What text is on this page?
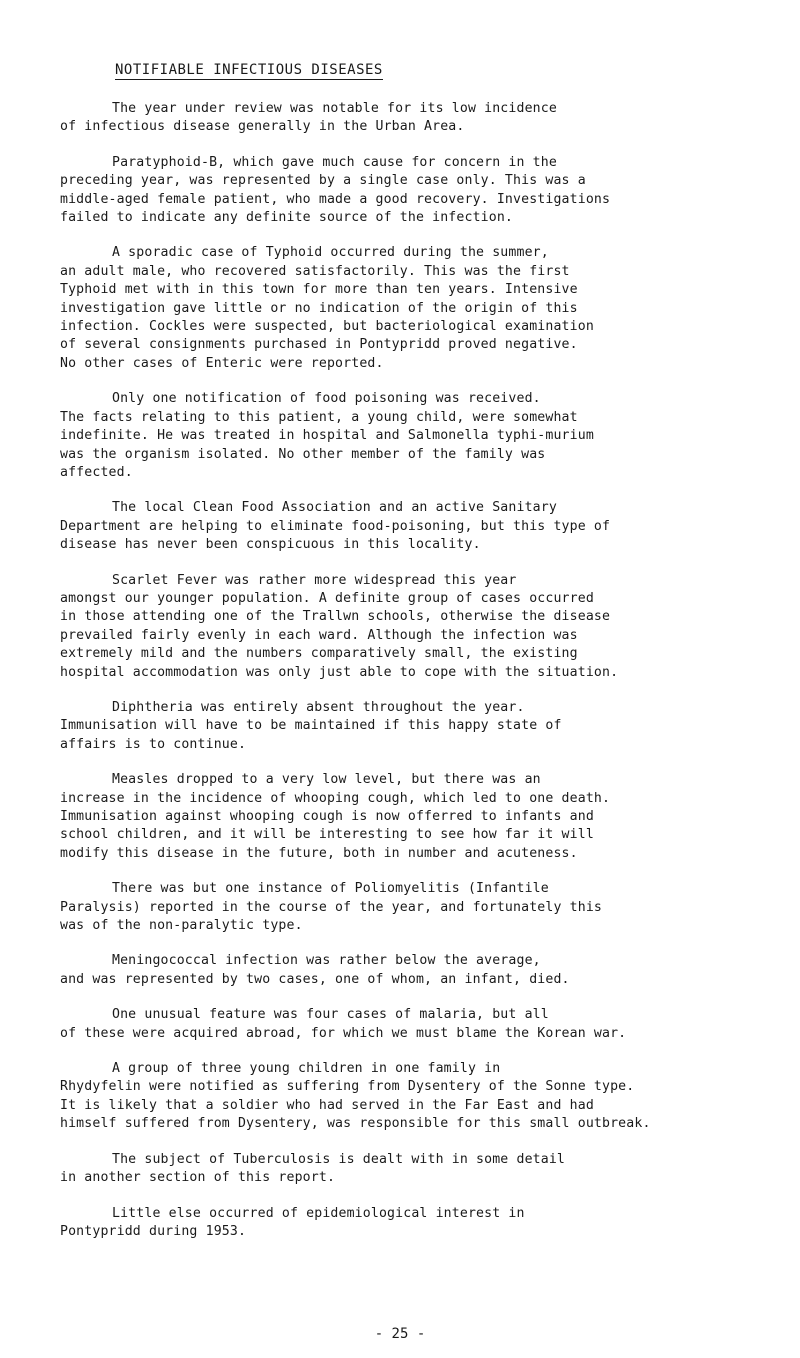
NOTIFIABLE INFECTIOUS DISEASES

The year under review was notable for its low incidence
of infectious disease generally in the Urban Area.

Paratyphoid-B, which gave much cause for concern in the
preceding year, was represented by a single case only. This was a
middle-aged female patient, who made a good recovery. Investigations
failed to indicate any definite source of the infection.

A sporadic case of Typhoid occurred during the summer,
an adult male, who recovered satisfactorily. This was the first
Typhoid met with in this town for more than ten years. Intensive
investigation gave little or no indication of the origin of this
infection. Cockles were suspected, but bacteriological examination
of several consignments purchased in Pontypridd proved negative.
No other cases of Enteric were reported.

Only one notification of food poisoning was received.
The facts relating to this patient, a young child, were somewhat
indefinite. He was treated in hospital and Salmonella typhi-murium
was the organism isolated. No other member of the family was
affected.

The local Clean Food Association and an active Sanitary
Department are helping to eliminate food-poisoning, but this type of
disease has never been conspicuous in this locality.

Scarlet Fever was rather more widespread this year
amongst our younger population. A definite group of cases occurred
in those attending one of the Trallwn schools, otherwise the disease
prevailed fairly evenly in each ward. Although the infection was
extremely mild and the numbers comparatively small, the existing
hospital accommodation was only just able to cope with the situation.

Diphtheria was entirely absent throughout the year.
Immunisation will have to be maintained if this happy state of
affairs is to continue.

Measles dropped to a very low level, but there was an
increase in the incidence of whooping cough, which led to one death.
Immunisation against whooping cough is now offerred to infants and
school children, and it will be interesting to see how far it will
modify this disease in the future, both in number and acuteness.

There was but one instance of Poliomyelitis (Infantile
Paralysis) reported in the course of the year, and fortunately this
was of the non-paralytic type.

Meningococcal infection was rather below the average,
and was represented by two cases, one of whom, an infant, died.

One unusual feature was four cases of malaria, but all
of these were acquired abroad, for which we must blame the Korean war.

A group of three young children in one family in
Rhydyfelin were notified as suffering from Dysentery of the Sonne type.
It is likely that a soldier who had served in the Far East and had
himself suffered from Dysentery, was responsible for this small outbreak.

The subject of Tuberculosis is dealt with in some detail
in another section of this report.

Little else occurred of epidemiological interest in
Pontypridd during 1953.

- 25 -
